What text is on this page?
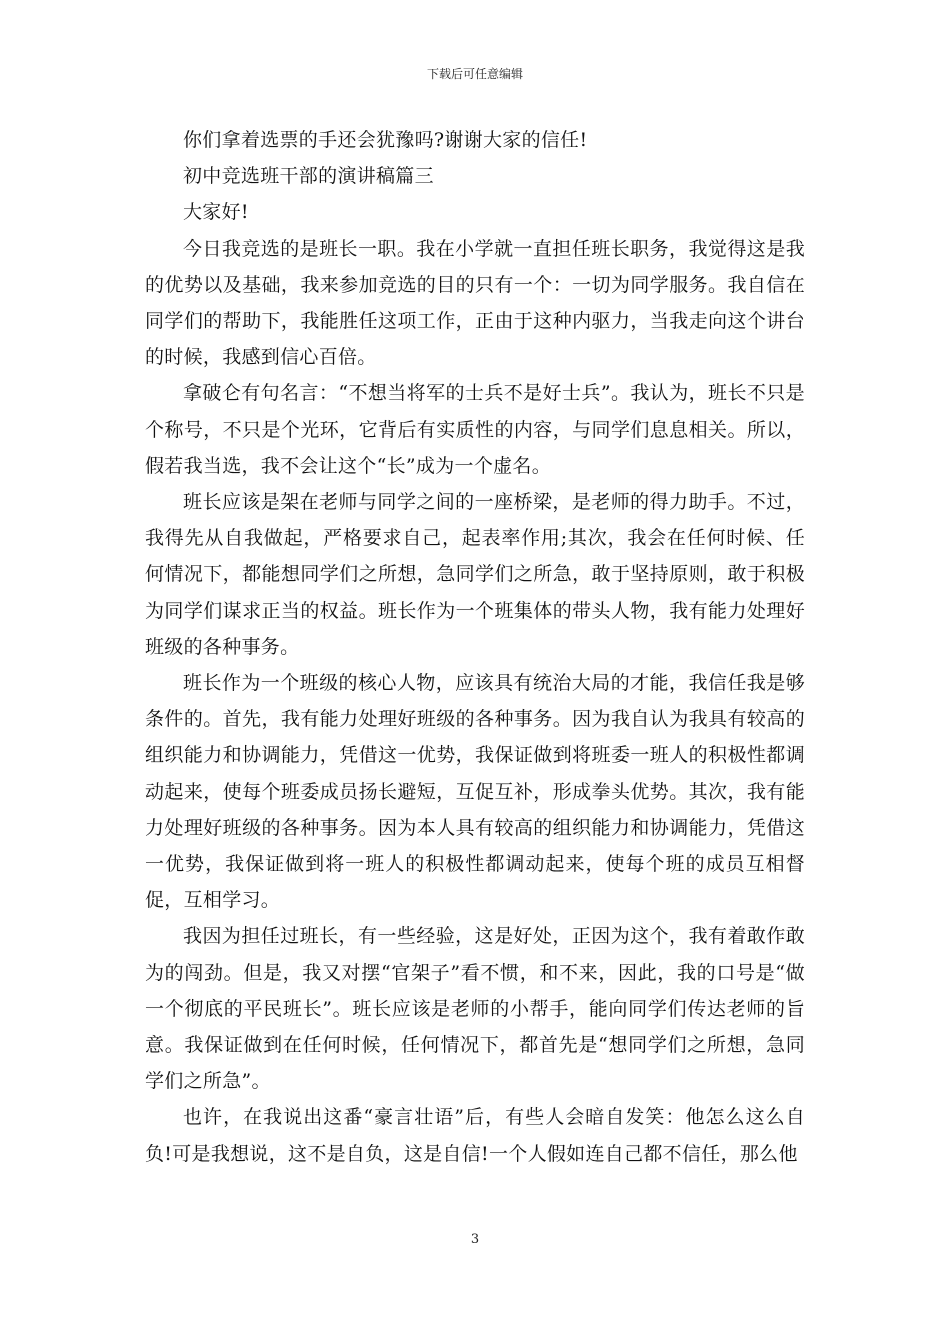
下载后可任意编辑

你们拿着选票的手还会犹豫吗?谢谢大家的信任!

初中竞选班干部的演讲稿篇三

大家好!

今日我竞选的是班长一职。我在小学就一直担任班长职务，我觉得这是我的优势以及基础，我来参加竞选的目的只有一个：一切为同学服务。我自信在同学们的帮助下，我能胜任这项工作，正由于这种内驱力，当我走向这个讲台的时候，我感到信心百倍。

拿破仑有句名言：“不想当将军的士兵不是好士兵”。我认为，班长不只是个称号，不只是个光环，它背后有实质性的内容，与同学们息息相关。所以，假若我当选，我不会让这个“长”成为一个虚名。

班长应该是架在老师与同学之间的一座桥梁，是老师的得力助手。不过，我得先从自我做起，严格要求自己，起表率作用;其次，我会在任何时候、任何情况下，都能想同学们之所想，急同学们之所急，敢于坚持原则，敢于积极为同学们谋求正当的权益。班长作为一个班集体的带头人物，我有能力处理好班级的各种事务。

班长作为一个班级的核心人物，应该具有统治大局的才能，我信任我是够条件的。首先，我有能力处理好班级的各种事务。因为我自认为我具有较高的组织能力和协调能力，凭借这一优势，我保证做到将班委一班人的积极性都调动起来，使每个班委成员扬长避短，互促互补，形成拳头优势。其次，我有能力处理好班级的各种事务。因为本人具有较高的组织能力和协调能力，凭借这一优势，我保证做到将一班人的积极性都调动起来，使每个班的成员互相督促，互相学习。

我因为担任过班长，有一些经验，这是好处，正因为这个，我有着敢作敢为的闯劲。但是，我又对摆“官架子”看不惯，和不来，因此，我的口号是“做一个彻底的平民班长”。班长应该是老师的小帮手，能向同学们传达老师的旨意。我保证做到在任何时候，任何情况下，都首先是“想同学们之所想，急同学们之所急”。

也许，在我说出这番“豪言壮语”后，有些人会暗自发笑：他怎么这么自负!可是我想说，这不是自负，这是自信!一个人假如连自己都不信任，那么他

3
